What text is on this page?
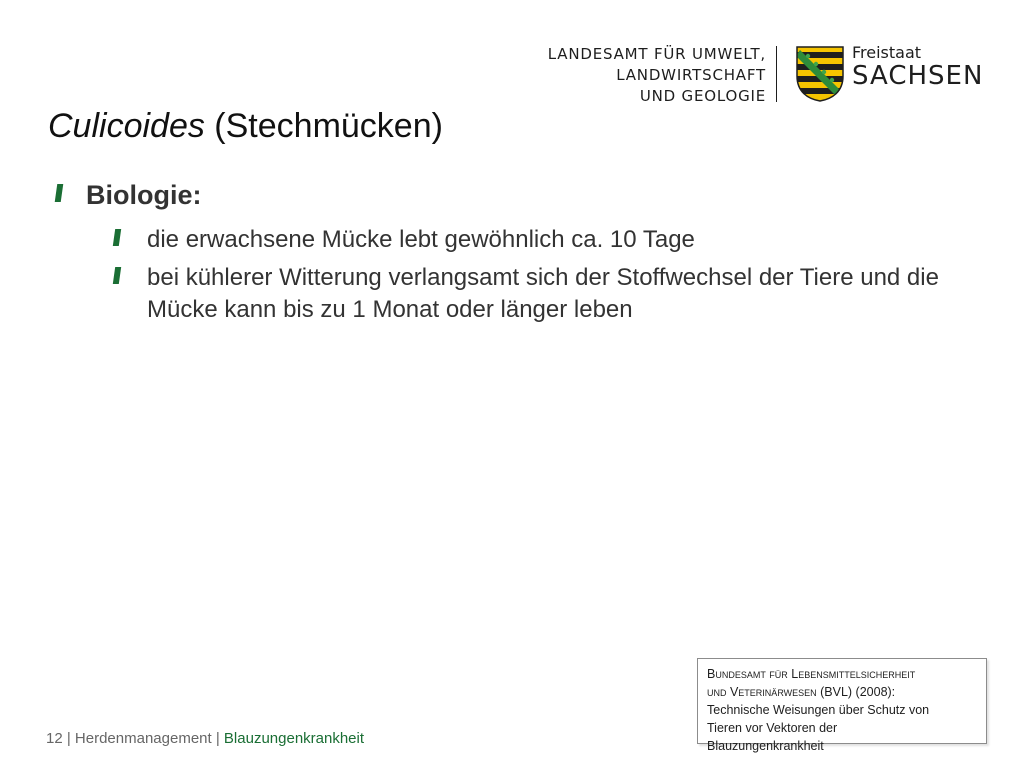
LANDESAMT FÜR UMWELT,
LANDWIRTSCHAFT
UND GEOLOGIE
Freistaat
SACHSEN
Culicoides (Stechmücken)
Biologie:
die erwachsene Mücke lebt gewöhnlich ca. 10 Tage
bei kühlerer Witterung verlangsamt sich der Stoffwechsel der Tiere und die Mücke kann bis zu 1 Monat oder länger leben
Bundesamt für Lebensmittelsicherheit
und Veterinärwesen (BVL) (2008):
Technische Weisungen über Schutz von
Tieren vor Vektoren der
Blauzungenkrankheit
12 | Herdenmanagement | Blauzungenkrankheit
